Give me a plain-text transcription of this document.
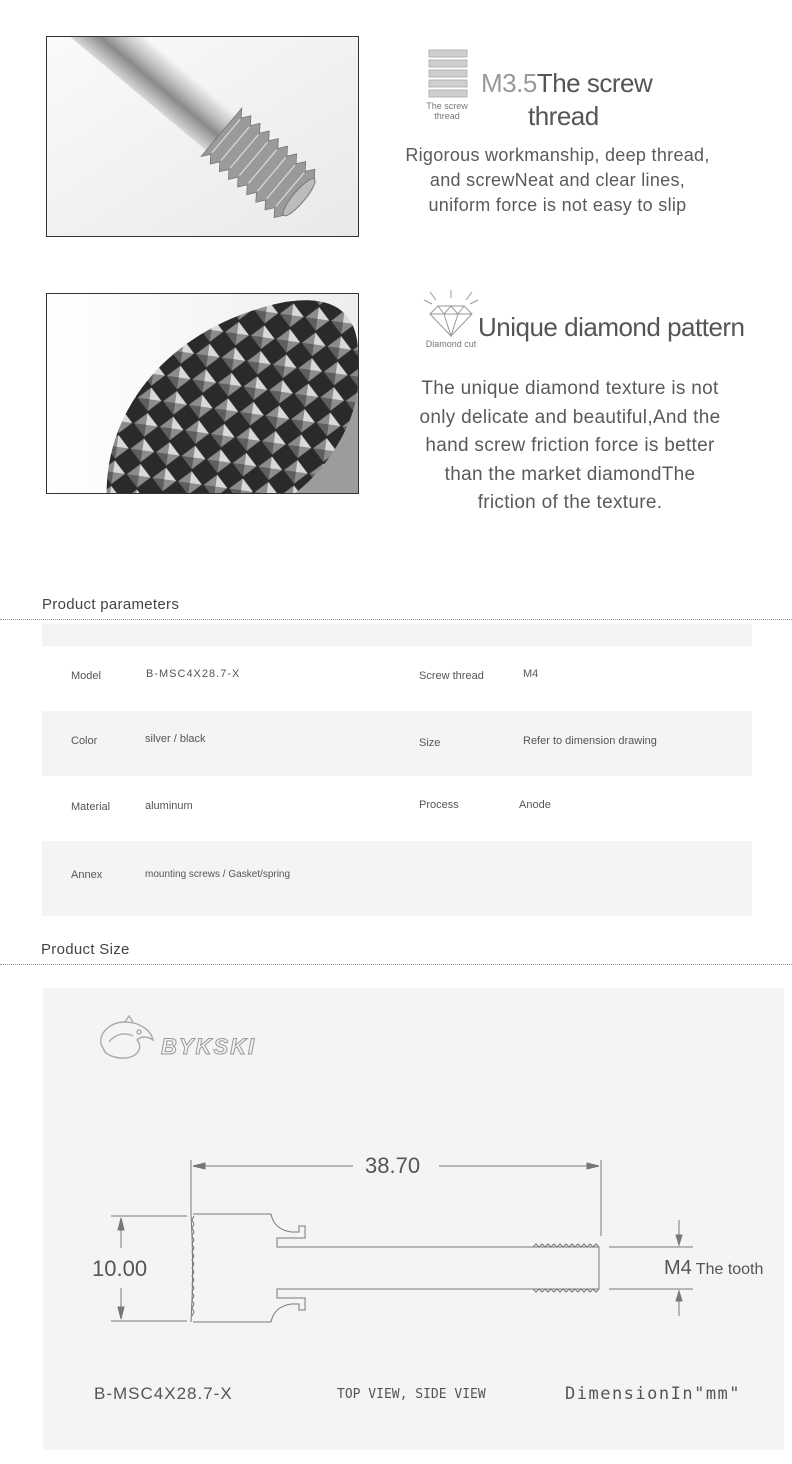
The screw thread
M3.5The screw
thread
Rigorous workmanship, deep thread,
and screwNeat and clear lines,
uniform force is not easy to slip
Diamond cut
Unique diamond pattern
The unique diamond texture is not
only delicate and beautiful,And the
hand screw friction force is better
than the market diamondThe
friction of the texture.
Product parameters
Model	B-MSC4X28.7-X	Screw thread	M4
Color	silver / black	Size	Refer to dimension drawing
Material	aluminum	Process	Anode
Annex	mounting screws / Gasket/spring
Product Size
BYKSKI
38.70
10.00	M4 The tooth
B-MSC4X28.7-X	TOP VIEW, SIDE VIEW	DimensionIn"mm"
